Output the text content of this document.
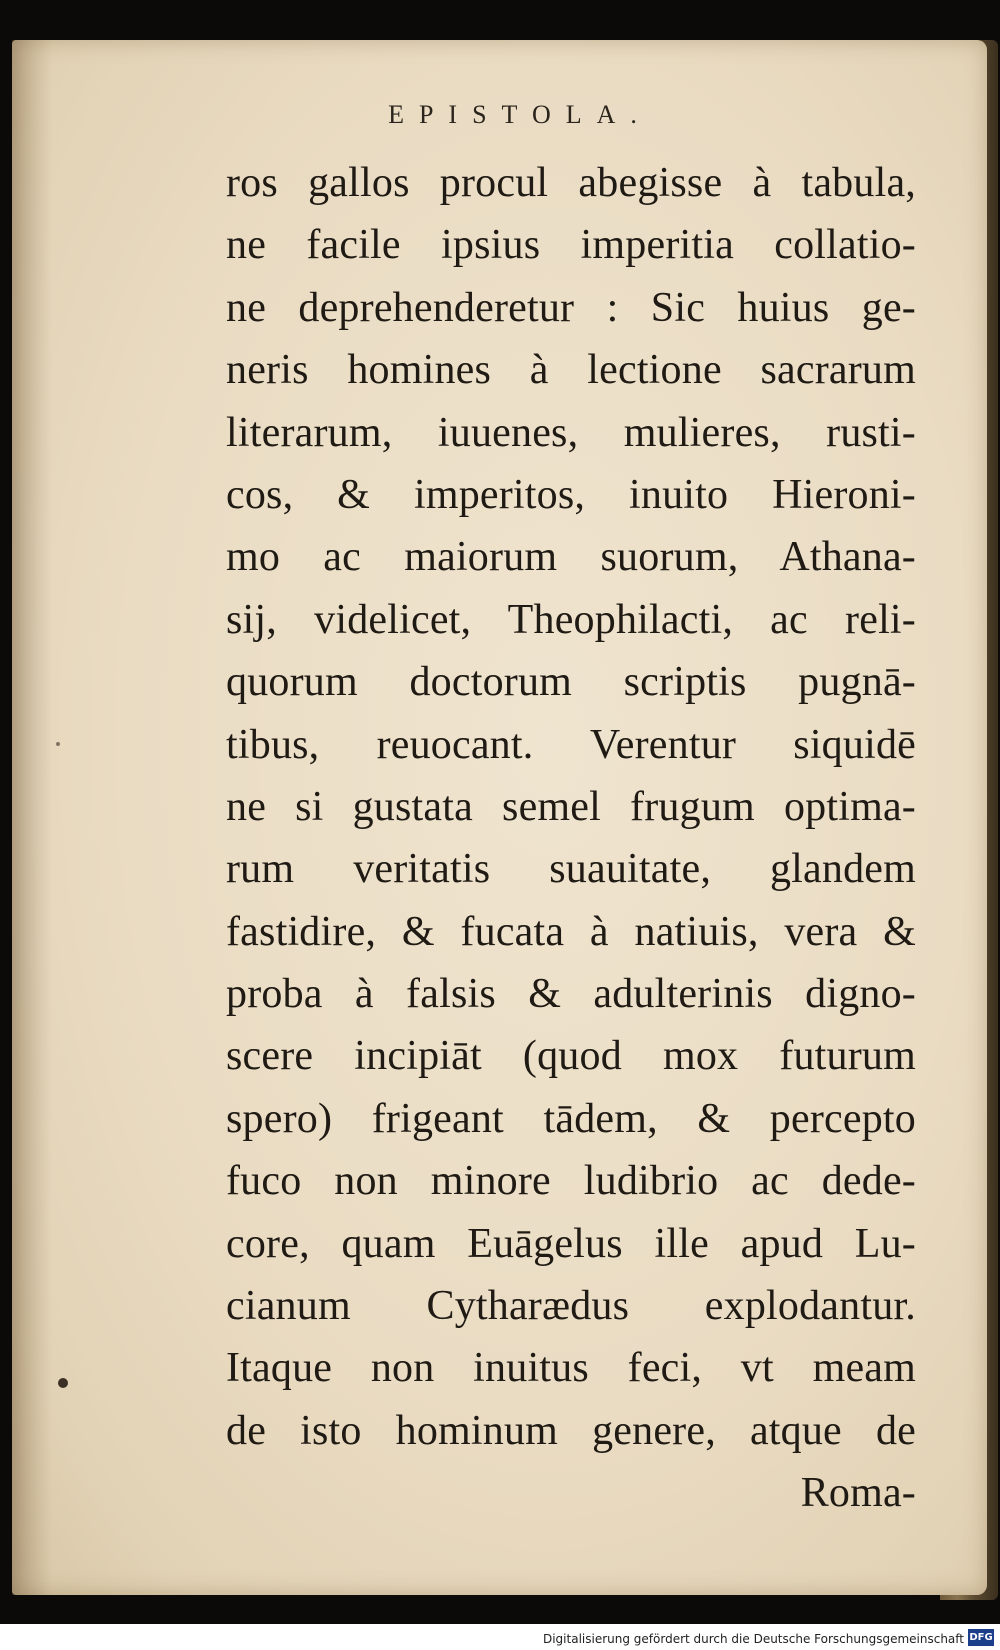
EPISTOLA.
ros gallos procul abegisse à tabula,
ne facile ipsius imperitia collatio-
ne deprehenderetur : Sic huius ge-
neris homines à lectione sacrarum
literarum, iuuenes, mulieres, rusti-
cos, & imperitos, inuito Hieroni-
mo ac maiorum suorum, Athana-
sij, videlicet, Theophilacti, ac reli-
quorum doctorum scriptis pugnā-
tibus, reuocant. Verentur siquidē
ne si gustata semel frugum optima-
rum veritatis suauitate, glandem
fastidire, & fucata à natiuis, vera &
proba à falsis & adulterinis digno-
scere incipiāt (quod mox futurum
spero) frigeant tādem, & percepto
fuco non minore ludibrio ac dede-
core, quam Euāgelus ille apud Lu-
cianum Cytharædus explodantur.
Itaque non inuitus feci, vt meam
de isto hominum genere, atque de
Roma-
Digitalisierung gefördert durch die Deutsche Forschungsgemeinschaft DFG
